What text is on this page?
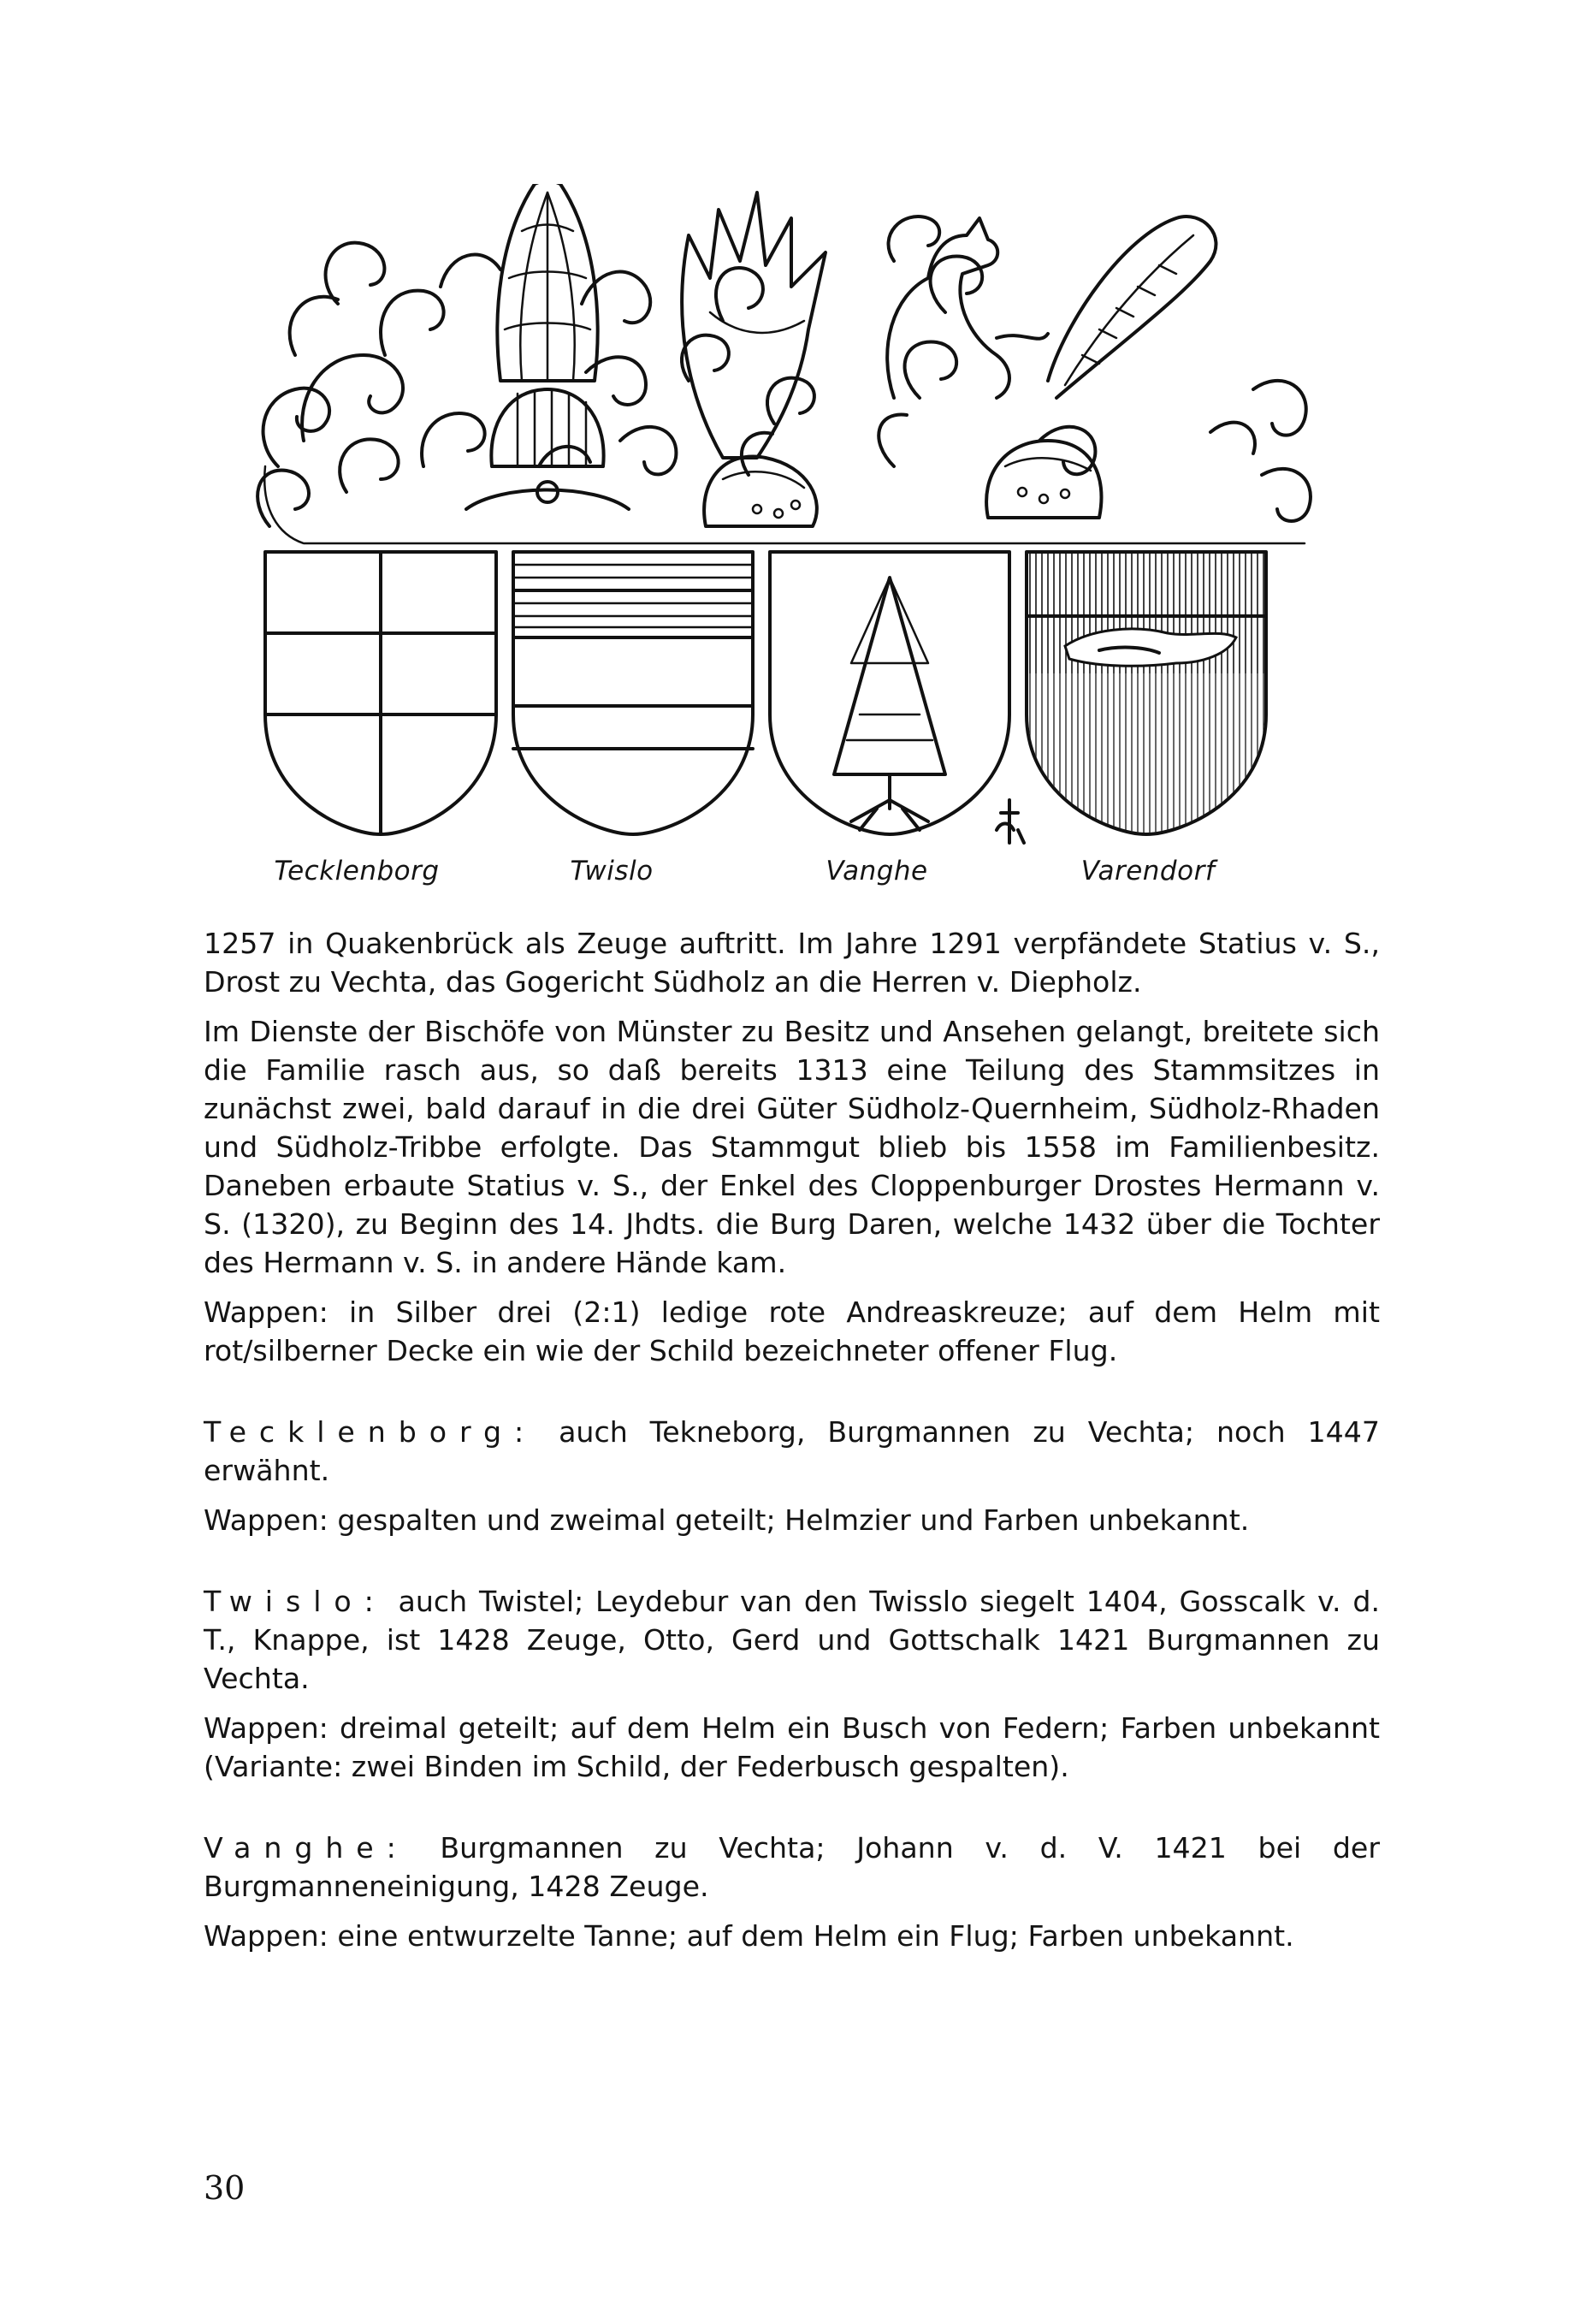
Tecklenborg	Twislo	Vanghe	Varendorf

1257 in Quakenbrück als Zeuge auftritt. Im Jahre 1291 verpfändete Statius v. S., Drost zu Vechta, das Gogericht Südholz an die Herren v. Diepholz.

Im Dienste der Bischöfe von Münster zu Besitz und Ansehen gelangt, breitete sich die Familie rasch aus, so daß bereits 1313 eine Teilung des Stammsitzes in zunächst zwei, bald darauf in die drei Güter Südholz-Quernheim, Südholz-Rhaden und Südholz-Tribbe erfolgte. Das Stammgut blieb bis 1558 im Familienbesitz. Daneben erbaute Statius v. S., der Enkel des Cloppenburger Drostes Hermann v. S. (1320), zu Beginn des 14. Jhdts. die Burg Daren, welche 1432 über die Tochter des Hermann v. S. in andere Hände kam.

Wappen: in Silber drei (2:1) ledige rote Andreaskreuze; auf dem Helm mit rot/silberner Decke ein wie der Schild bezeichneter offener Flug.

Tecklenborg: auch Tekneborg, Burgmannen zu Vechta; noch 1447 erwähnt.

Wappen: gespalten und zweimal geteilt; Helmzier und Farben unbekannt.

Twislo: auch Twistel; Leydebur van den Twisslo siegelt 1404, Gosscalk v. d. T., Knappe, ist 1428 Zeuge, Otto, Gerd und Gottschalk 1421 Burgmannen zu Vechta.

Wappen: dreimal geteilt; auf dem Helm ein Busch von Federn; Farben unbekannt (Variante: zwei Binden im Schild, der Federbusch gespalten).

Vanghe: Burgmannen zu Vechta; Johann v. d. V. 1421 bei der Burgmanneneinigung, 1428 Zeuge.

Wappen: eine entwurzelte Tanne; auf dem Helm ein Flug; Farben unbekannt.

30
